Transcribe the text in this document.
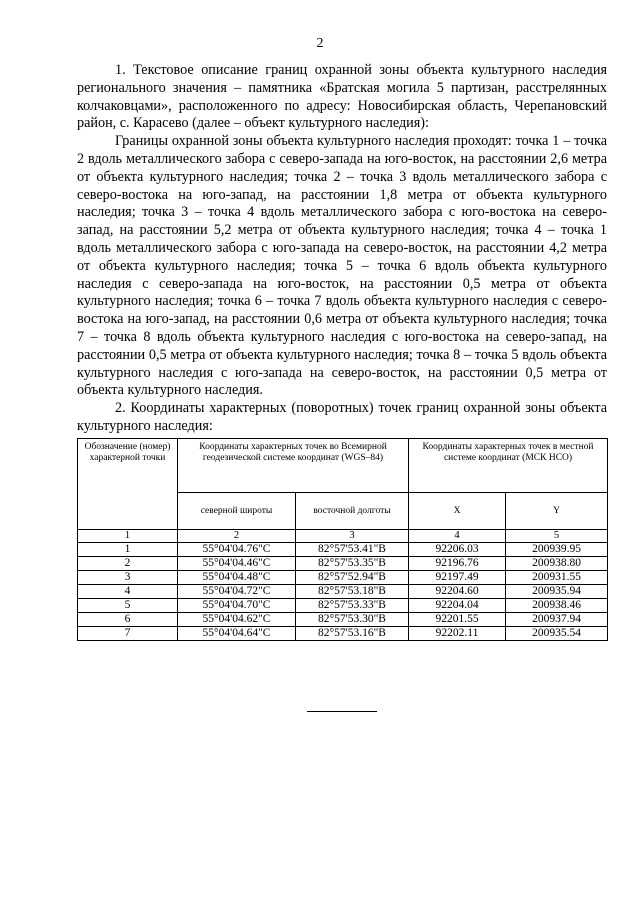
2

1. Текстовое описание границ охранной зоны объекта культурного наследия регионального значения – памятника «Братская могила 5 партизан, расстрелянных колчаковцами», расположенного по адресу: Новосибирская область, Черепановский район, с. Карасево (далее – объект культурного наследия):

Границы охранной зоны объекта культурного наследия проходят: точка 1 – точка 2 вдоль металлического забора с северо-запада на юго-восток, на расстоянии 2,6 метра от объекта культурного наследия; точка 2 – точка 3 вдоль металлического забора с северо-востока на юго-запад, на расстоянии 1,8 метра от объекта культурного наследия; точка 3 – точка 4 вдоль металлического забора с юго-востока на северо-запад, на расстоянии 5,2 метра от объекта культурного наследия; точка 4 – точка 1 вдоль металлического забора с юго-запада на северо-восток, на расстоянии 4,2 метра от объекта культурного наследия; точка 5 – точка 6 вдоль объекта культурного наследия с северо-запада на юго-восток, на расстоянии 0,5 метра от объекта культурного наследия; точка 6 – точка 7 вдоль объекта культурного наследия с северо-востока на юго-запад, на расстоянии 0,6 метра от объекта культурного наследия; точка 7 – точка 8 вдоль объекта культурного наследия с юго-востока на северо-запад, на расстоянии 0,5 метра от объекта культурного наследия; точка 8 – точка 5 вдоль объекта культурного наследия с юго-запада на северо-восток, на расстоянии 0,5 метра от объекта культурного наследия.

2. Координаты характерных (поворотных) точек границ охранной зоны объекта культурного наследия:

Обозначение (номер) характерной точки	Координаты характерных точек во Всемирной геодезической системе координат (WGS–84)		Координаты характерных точек в местной системе координат (МСК НСО)	
	северной широты	восточной долготы	X	Y
1	2	3	4	5
1	55°04'04.76"С	82°57'53.41"В	92206.03	200939.95
2	55°04'04.46"С	82°57'53.35"В	92196.76	200938.80
3	55°04'04.48"С	82°57'52.94"В	92197.49	200931.55
4	55°04'04.72"С	82°57'53.18"В	92204.60	200935.94
5	55°04'04.70"С	82°57'53.33"В	92204.04	200938.46
6	55°04'04.62"С	82°57'53.30"В	92201.55	200937.94
7	55°04'04.64"С	82°57'53.16"В	92202.11	200935.54
